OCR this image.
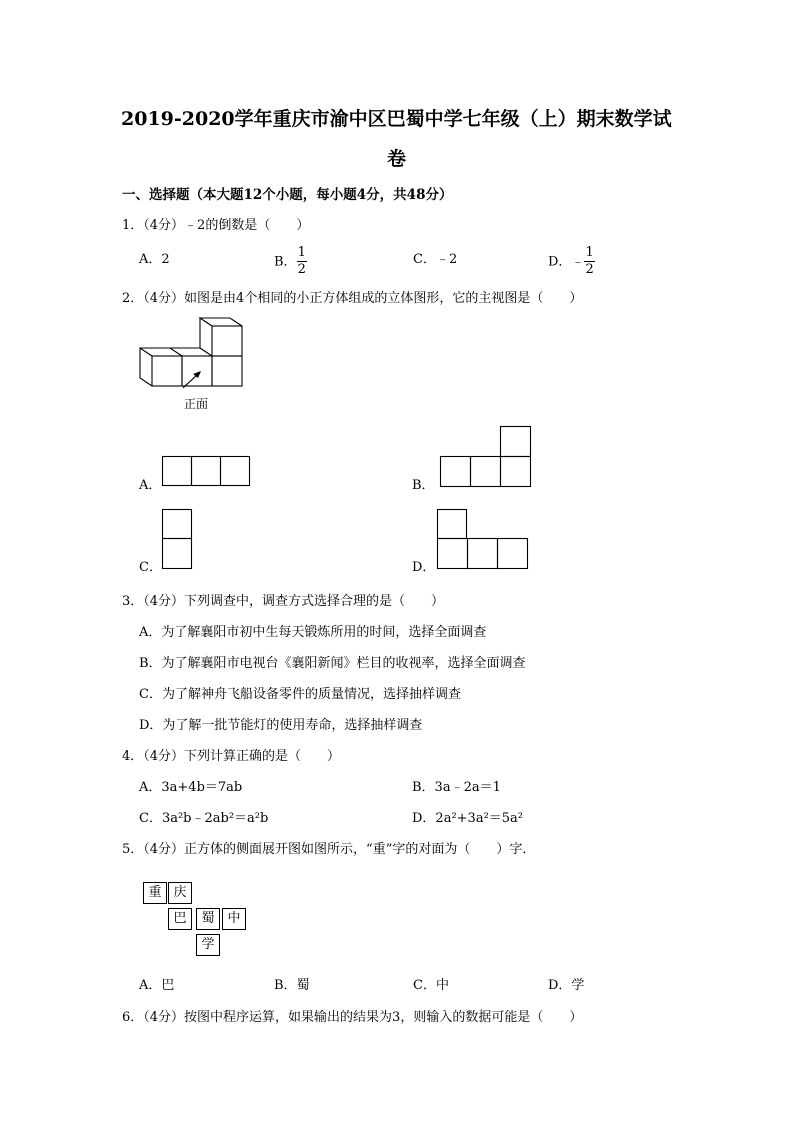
2019-2020学年重庆市渝中区巴蜀中学七年级（上）期末数学试
卷
一、选择题（本大题12个小题，每小题4分，共48分）
1．（4分）﹣2的倒数是（　　）
A．2	B． $\frac{1}{2}$	C．﹣2	D．﹣ $\frac{1}{2}$
2．（4分）如图是由4个相同的小正方体组成的立体图形，它的主视图是（　　）
正面
A．	B．
C．	D．
3．（4分）下列调查中，调查方式选择合理的是（　　）
A．为了解襄阳市初中生每天锻炼所用的时间，选择全面调查
B．为了解襄阳市电视台《襄阳新闻》栏目的收视率，选择全面调查
C．为了解神舟飞船设备零件的质量情况，选择抽样调查
D．为了解一批节能灯的使用寿命，选择抽样调查
4．（4分）下列计算正确的是（　　）
A．3a+4b＝7ab	B．3a﹣2a＝1
C．3a²b﹣2ab²＝a²b	D．2a²+3a²＝5a²
5．（4分）正方体的侧面展开图如图所示，“重”字的对面为（　　）字．
重 庆
巴	蜀 中
学
A．巴	B．蜀	C．中	D．学
6．（4分）按图中程序运算，如果输出的结果为3，则输入的数据可能是（　　）
